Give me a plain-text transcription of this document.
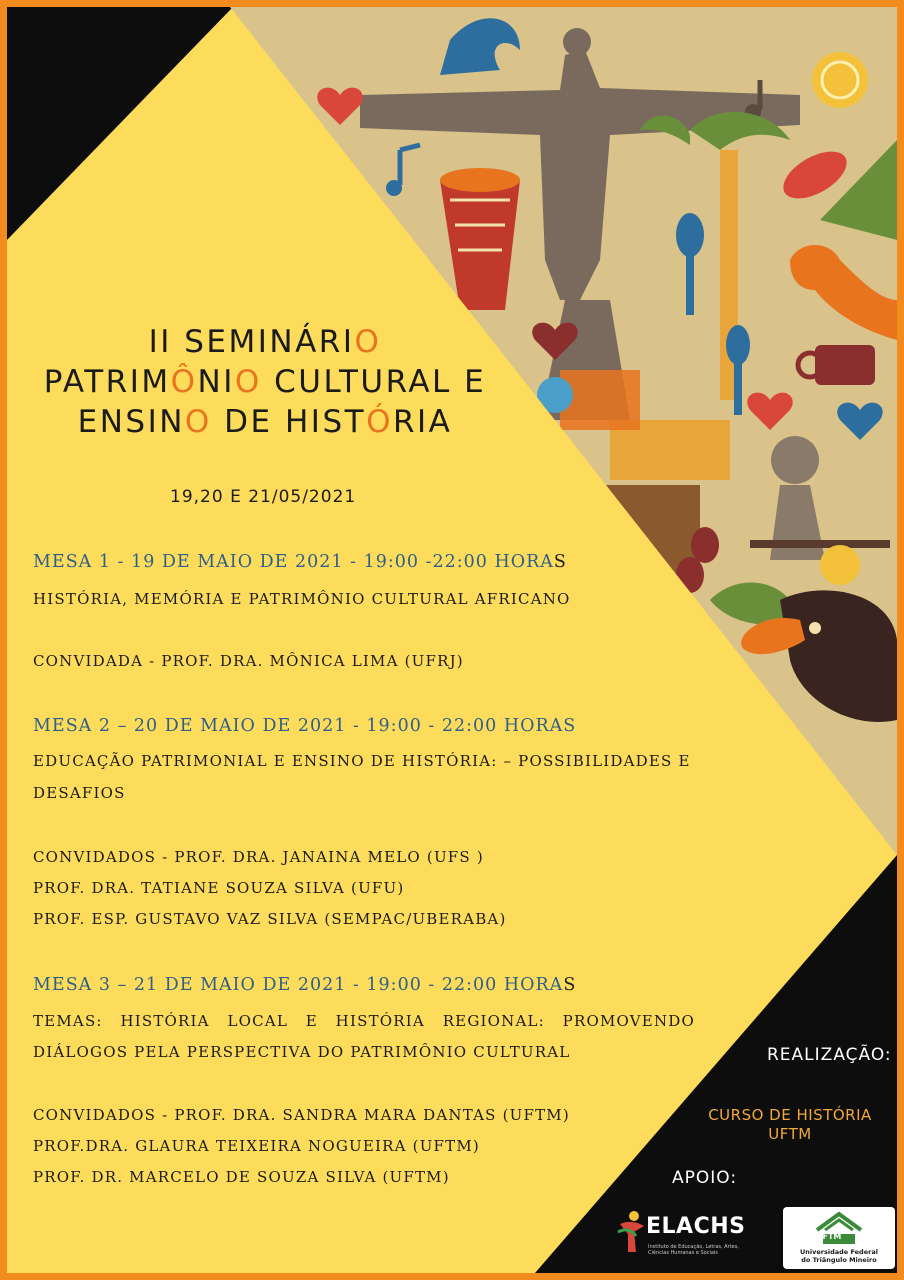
II SEMINÁRIO
PATRIMÔNIO CULTURAL E
ENSINO DE HISTÓRIA
19,20 E 21/05/2021
MESA 1 - 19 DE MAIO DE 2021 - 19:00 -22:00 HORAS
HISTÓRIA, MEMÓRIA E PATRIMÔNIO CULTURAL AFRICANO
CONVIDADA - PROF. DRA. MÔNICA LIMA (UFRJ)
MESA 2 – 20 DE MAIO DE 2021 - 19:00 - 22:00 HORAS
EDUCAÇÃO PATRIMONIAL E ENSINO DE HISTÓRIA: – POSSIBILIDADES E
DESAFIOS
CONVIDADOS - PROF. DRA. JANAINA MELO (UFS )
PROF. DRA. TATIANE SOUZA SILVA (UFU)
PROF. ESP. GUSTAVO VAZ SILVA (SEMPAC/UBERABA)
MESA 3 – 21 DE MAIO DE 2021 - 19:00 - 22:00 HORAS
TEMAS: HISTÓRIA LOCAL E HISTÓRIA REGIONAL: PROMOVENDO
DIÁLOGOS PELA PERSPECTIVA DO PATRIMÔNIO CULTURAL
CONVIDADOS - PROF. DRA. SANDRA MARA DANTAS (UFTM)
PROF.DRA. GLAURA TEIXEIRA NOGUEIRA (UFTM)
PROF. DR. MARCELO DE SOUZA SILVA (UFTM)
REALIZAÇÃO:
CURSO DE HISTÓRIA
UFTM
APOIO:
ELACHS
Instituto de Educação, Letras, Artes, Ciências Humanas e Sociais
UFTM
Universidade Federal
do Triângulo Mineiro
